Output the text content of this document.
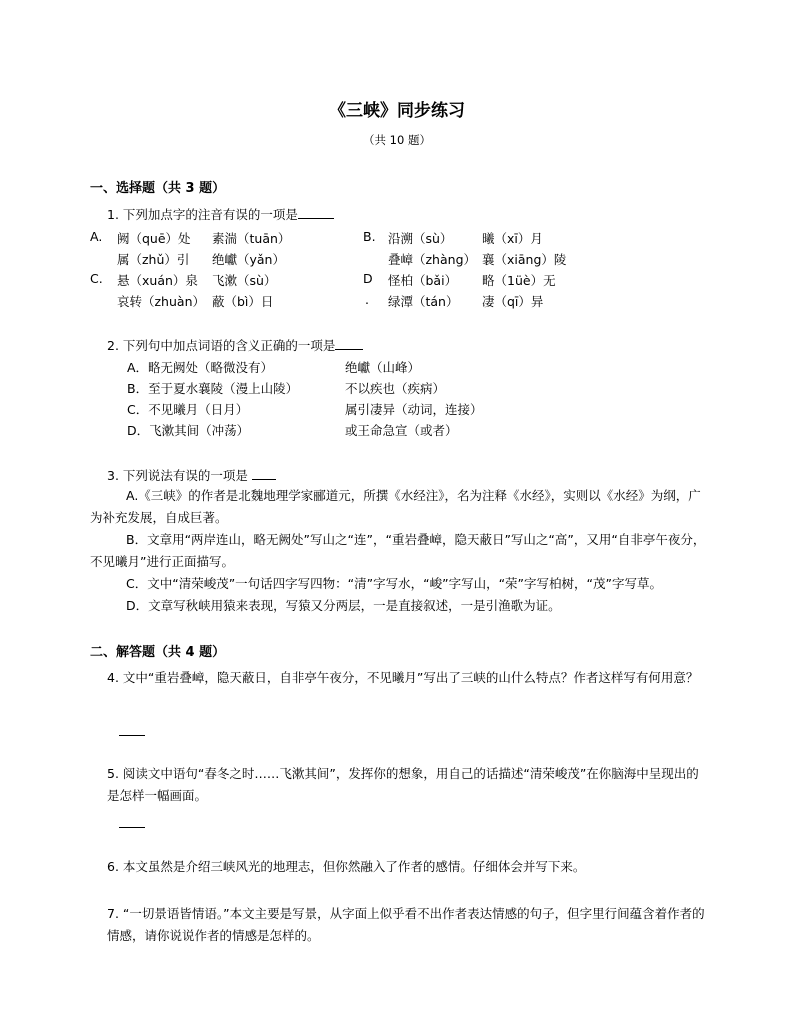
《三峡》同步练习
（共 10 题）
一、选择题（共 3 题）
1. 下列加点字的注音有误的一项是
A. 阙（quē）处 素湍（tuān）
属（zhǔ）引 绝巘（yǎn）
B. 沿溯（sù） 曦（xī）月
叠嶂（zhàng） 襄（xiāng）陵
C. 悬（xuán）泉 飞漱（sù）
哀转（zhuàn） 蔽（bì）日
D
.
怪柏（bǎi） 略（1üè）无
绿潭（tán） 凄（qī）异
2. 下列句中加点词语的含义正确的一项是
A．略无阙处（略微没有）	绝巘（山峰）
B．至于夏水襄陵（漫上山陵）	不以疾也（疾病）
C．不见曦月（日月）	属引凄异（动词，连接）
D．飞漱其间（冲荡）	或王命急宣（或者）
3. 下列说法有误的一项是
A.《三峡》的作者是北魏地理学家郦道元，所撰《水经注》，名为注释《水经》，实则以《水经》为纲，广为补充发展，自成巨著。
B．文章用“两岸连山，略无阙处”写山之“连”，“重岩叠嶂，隐天蔽日”写山之“高”，又用“自非亭午夜分，不见曦月”进行正面描写。
C．文中“清荣峻茂”一句话四字写四物：“清”字写水，“峻”字写山，“荣”字写柏树，“茂”字写草。
D．文章写秋峡用猿来表现，写猿又分两层，一是直接叙述，一是引渔歌为证。
二、解答题（共 4 题）
4. 文中“重岩叠嶂，隐天蔽日，自非亭午夜分，不见曦月”写出了三峡的山什么特点？作者这样写有何用意？
5. 阅读文中语句“春冬之时……飞漱其间”，发挥你的想象，用自己的话描述“清荣峻茂”在你脑海中呈现出的是怎样一幅画面。
6. 本文虽然是介绍三峡风光的地理志，但你然融入了作者的感情。仔细体会并写下来。
7. “一切景语皆情语。”本文主要是写景，从字面上似乎看不出作者表达情感的句子，但字里行间蕴含着作者的情感，请你说说作者的情感是怎样的。
